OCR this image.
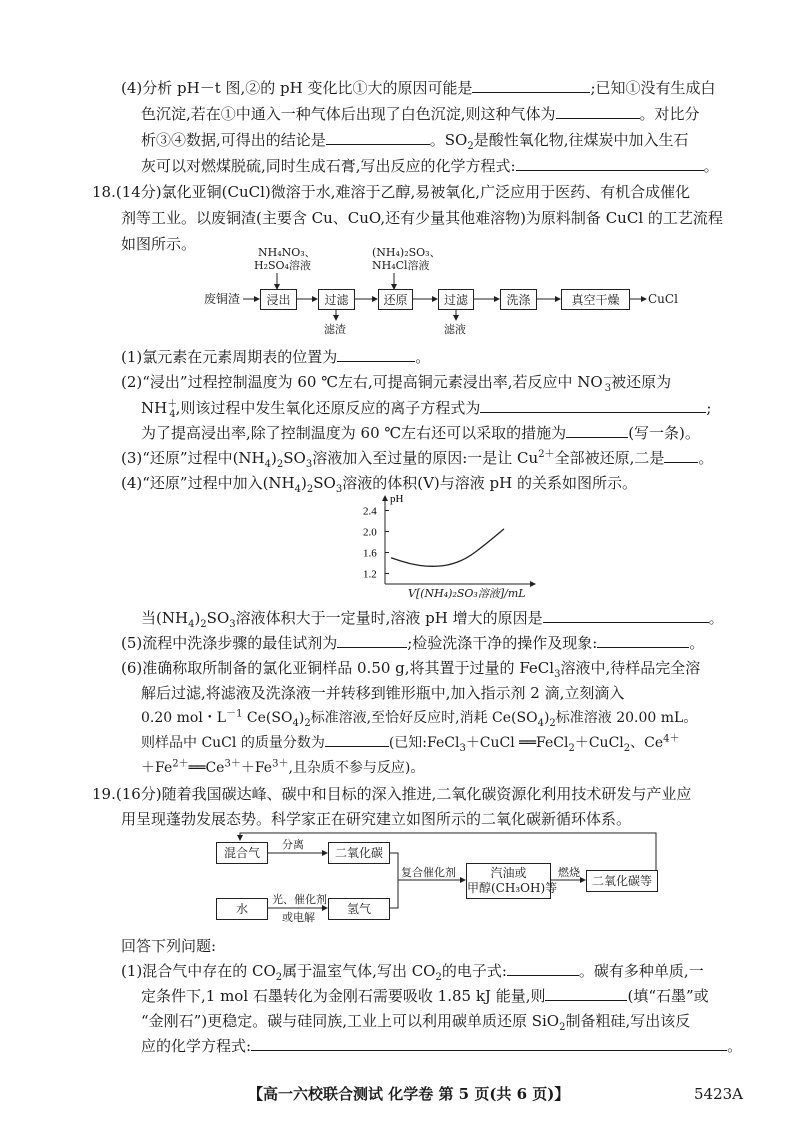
(4)分析 pH－t 图,②的 pH 变化比①大的原因可能是	;已知①没有生成白
色沉淀,若在①中通入一种气体后出现了白色沉淀,则这种气体为	。对比分
析③④数据,可得出的结论是	。$SO_2$是酸性氧化物,往煤炭中加入生石
灰可以对燃煤脱硫,同时生成石膏,写出反应的化学方程式:	。
18.(14分)氯化亚铜(CuCl)微溶于水,难溶于乙醇,易被氧化,广泛应用于医药、有机合成催化
剂等工业。以废铜渣(主要含 Cu、CuO,还有少量其他难溶物)为原料制备 CuCl 的工艺流程
如图所示。	NH₄NO₃、
H₂SO₄溶液
(NH₄)₂SO₃、
NH₄Cl溶液
废铜渣	浸出	过滤	还原	过滤	洗涤	真空干燥	CuCl
滤渣	滤液
(1)氯元素在元素周期表的位置为	。
(2)“浸出”过程控制温度为 60 ℃左右,可提高铜元素浸出率,若反应中 $NO^-_3$被还原为
$NH^+_4$,则该过程中发生氧化还原反应的离子方程式为	;
为了提高浸出率,除了控制温度为 60 ℃左右还可以采取的措施为	(写一条)。
(3)“还原”过程中$(NH_4)_2SO_3$溶液加入至过量的原因:一是让 $Cu^{2+}$全部被还原,二是 。
(4)“还原”过程中加入$(NH_4)_2SO_3$溶液的体积(V)与溶液 pH 的关系如图所示。
pH
2.4
2.0
1.6
1.2
V[(NH₄)₂SO₃溶液]/mL
当$(NH_4)_2SO_3$溶液体积大于一定量时,溶液 pH 增大的原因是	。
(5)流程中洗涤步骤的最佳试剂为	;检验洗涤干净的操作及现象:	。
(6)准确称取所制备的氯化亚铜样品 0.50 g,将其置于过量的 FeCl$_3$溶液中,待样品完全溶
解后过滤,将滤液及洗涤液一并转移到锥形瓶中,加入指示剂 2 滴,立刻滴入
0.20 mol・$L^{-1}$ $Ce(SO_4)_2$标准溶液,至恰好反应时,消耗 $Ce(SO_4)_2$标准溶液 20.00 mL。
则样品中 CuCl 的质量分数为	(已知:FeCl$_3$＋CuCl ══FeCl$_2$＋CuCl$_2$、$Ce^{4+}$
$+Fe^{2+}══Ce^{3+}+Fe^{3+}$,且杂质不参与反应)。
19.(16分)随着我国碳达峰、碳中和目标的深入推进,二氧化碳资源化利用技术研发与产业应
用呈现蓬勃发展态势。科学家正在研究建立如图所示的二氧化碳新循环体系。
混合气
分离
二氧化碳
复合催化剂	汽油或
甲醇(CH₃OH)等
燃烧
二氧化碳等
水
光、催化剂
或电解
氢气
回答下列问题:
(1)混合气中存在的 $CO_2$属于温室气体,写出 $CO_2$的电子式:	。碳有多种单质,一
定条件下,1 mol 石墨转化为金刚石需要吸收 1.85 kJ 能量,则	(填“石墨”或
“金刚石”)更稳定。碳与硅同族,工业上可以利用碳单质还原 SiO$_2$制备粗硅,写出该反
应的化学方程式:	。
【高一六校联合测试 化学卷 第 5 页(共 6 页)】	5423A
